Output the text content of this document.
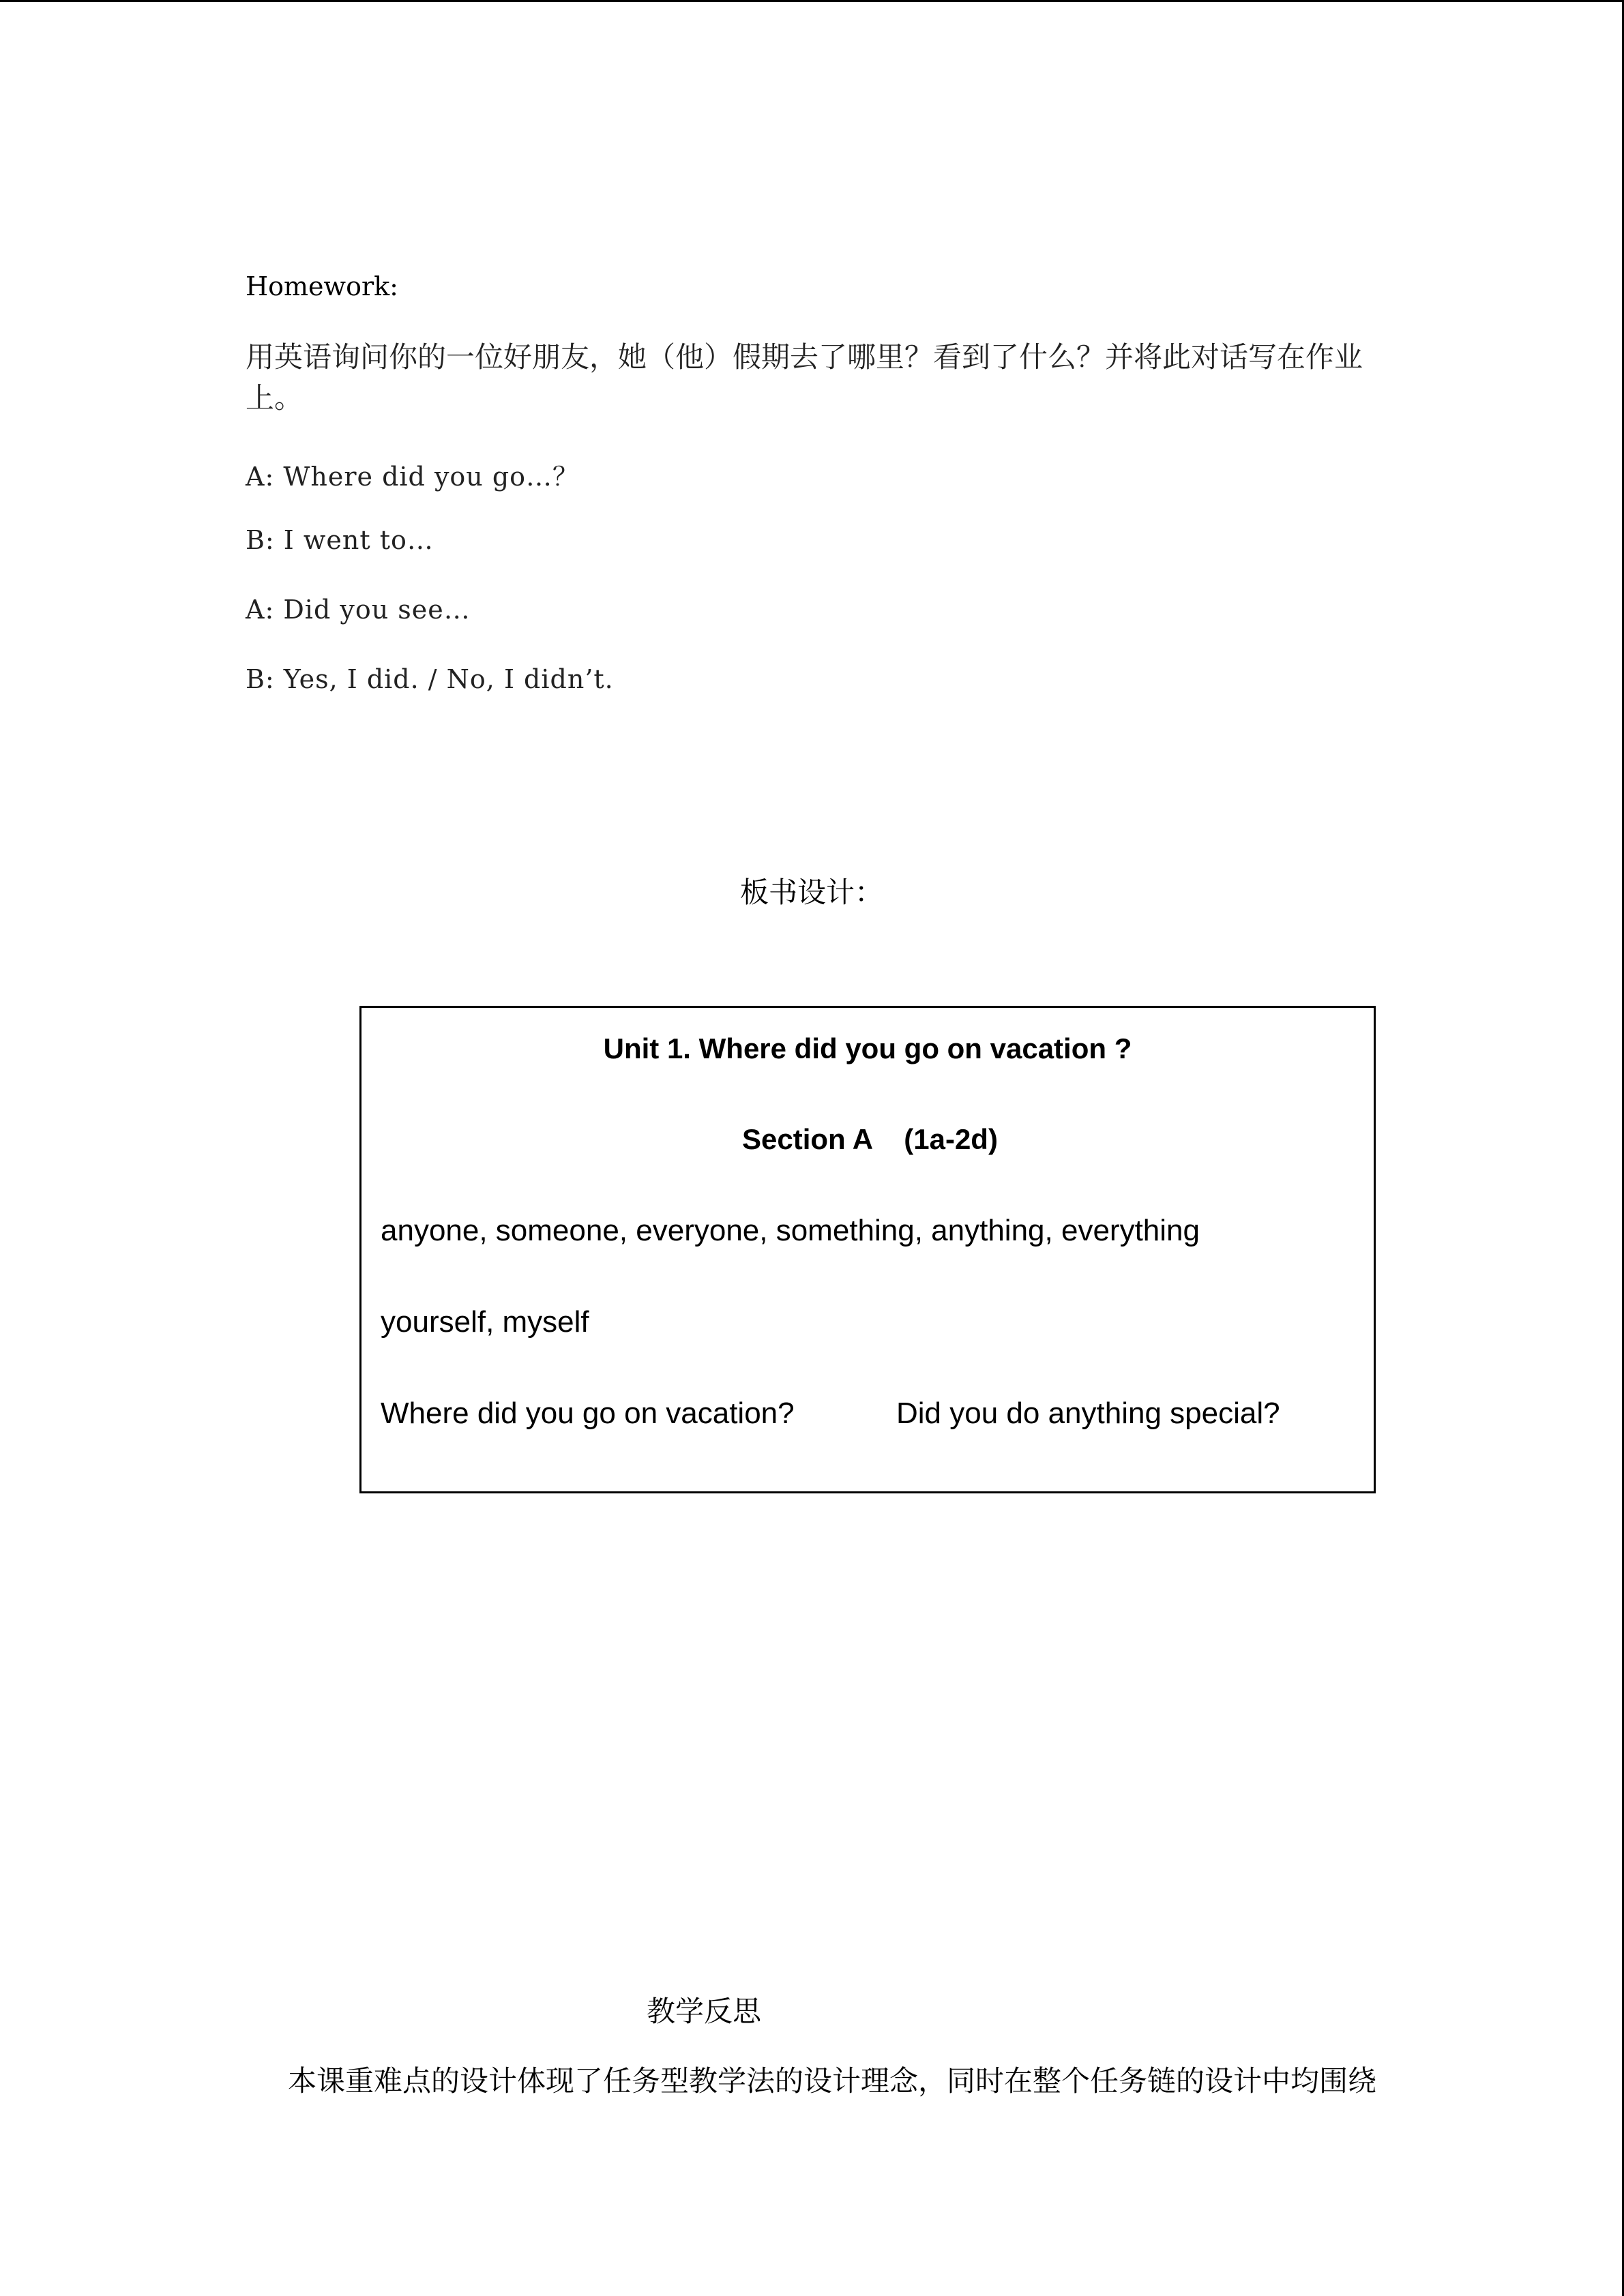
Homework:
用英语询问你的一位好朋友，她（他）假期去了哪里？看到了什么？并将此对话写在作业上。
A: Where did you go…？
B: I went to…
A: Did you see…
B: Yes, I did. / No, I didn’t.
板书设计：
Unit 1. Where did you go on vacation ?
Section A    (1a-2d)
anyone, someone, everyone, something, anything, everything
yourself, myself
Where did you go on vacation?	Did you do anything special?
教学反思
本课重难点的设计体现了任务型教学法的设计理念，同时在整个任务链的设计中均围绕
